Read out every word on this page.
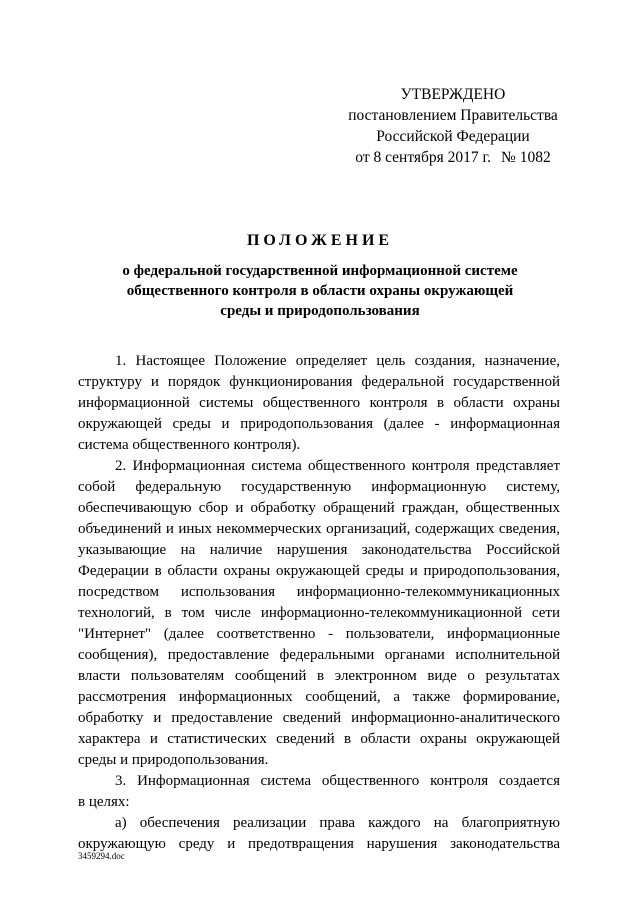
УТВЕРЖДЕНО
постановлением Правительства
Российской Федерации
от 8 сентября 2017 г. № 1082
ПОЛОЖЕНИЕ
о федеральной государственной информационной системе
общественного контроля в области охраны окружающей
среды и природопользования
1. Настоящее Положение определяет цель создания, назначение,
структуру и порядок функционирования федеральной государственной
информационной системы общественного контроля в области охраны
окружающей среды и природопользования (далее - информационная
система общественного контроля).
2. Информационная система общественного контроля представляет
собой федеральную государственную информационную систему,
обеспечивающую сбор и обработку обращений граждан, общественных
объединений и иных некоммерческих организаций, содержащих сведения,
указывающие на наличие нарушения законодательства Российской
Федерации в области охраны окружающей среды и природопользования,
посредством использования информационно-телекоммуникационных
технологий, в том числе информационно-телекоммуникационной сети
"Интернет" (далее соответственно - пользователи, информационные
сообщения), предоставление федеральными органами исполнительной
власти пользователям сообщений в электронном виде о результатах
рассмотрения информационных сообщений, а также формирование,
обработку и предоставление сведений информационно-аналитического
характера и статистических сведений в области охраны окружающей
среды и природопользования.
3. Информационная система общественного контроля создается
в целях:
а) обеспечения реализации права каждого на благоприятную
окружающую среду и предотвращения нарушения законодательства
3459294.doc
